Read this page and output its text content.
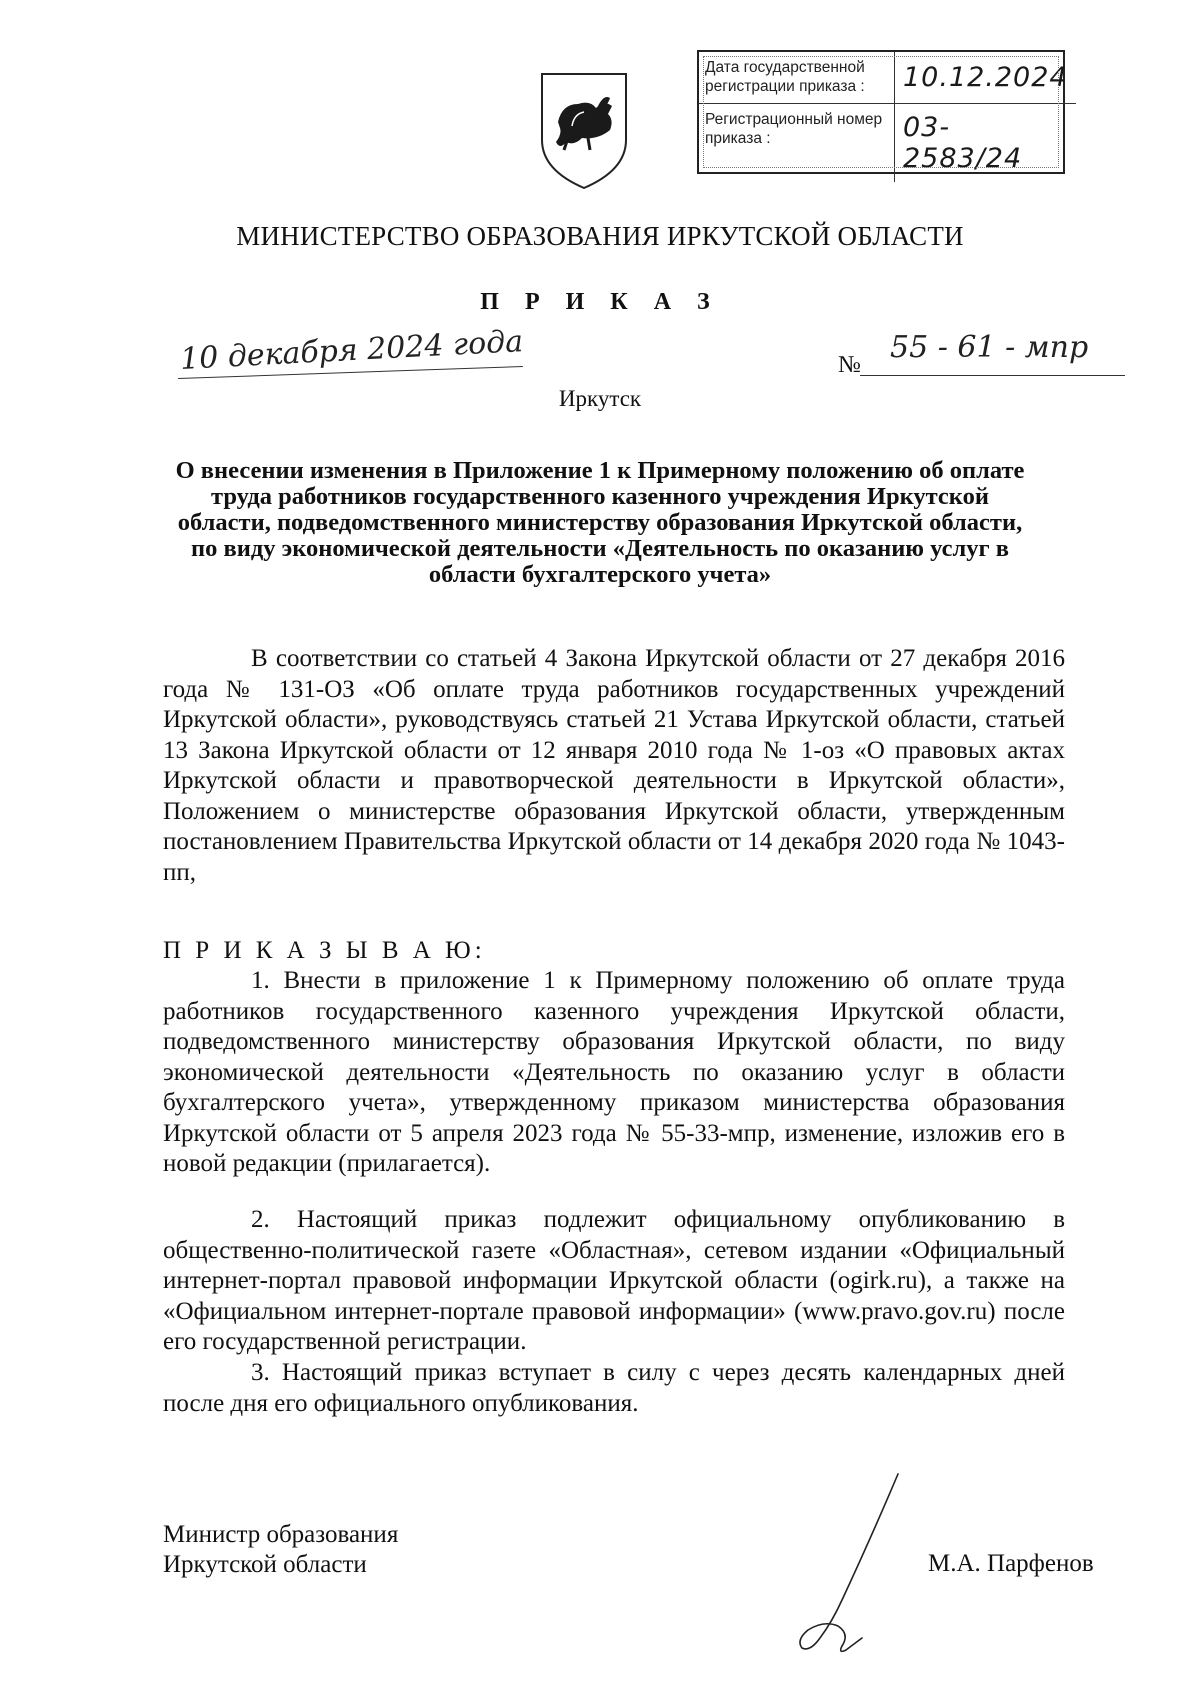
Дата государственной регистрации приказа :	10.12.2024
Регистрационный номер приказа :	03-2583/24
МИНИСТЕРСТВО ОБРАЗОВАНИЯ ИРКУТСКОЙ ОБЛАСТИ
П Р И К А З
10 декабря 2024 года	№ 55 - 61 - мпр
Иркутск
О внесении изменения в Приложение 1 к Примерному положению об оплате
труда работников государственного казенного учреждения Иркутской
области, подведомственного министерству образования Иркутской области,
по виду экономической деятельности «Деятельность по оказанию услуг в
области бухгалтерского учета»
В соответствии со статьей 4 Закона Иркутской области от 27 декабря 2016 года № 131-ОЗ «Об оплате труда работников государственных учреждений Иркутской области», руководствуясь статьей 21 Устава Иркутской области, статьей 13 Закона Иркутской области от 12 января 2010 года № 1-оз «О правовых актах Иркутской области и правотворческой деятельности в Иркутской области», Положением о министерстве образования Иркутской области, утвержденным постановлением Правительства Иркутской области от 14 декабря 2020 года № 1043-пп,
П Р И К А З Ы В А Ю:
1. Внести в приложение 1 к Примерному положению об оплате труда работников государственного казенного учреждения Иркутской области, подведомственного министерству образования Иркутской области, по виду экономической деятельности «Деятельность по оказанию услуг в области бухгалтерского учета», утвержденному приказом министерства образования Иркутской области от 5 апреля 2023 года № 55-33-мпр, изменение, изложив его в новой редакции (прилагается).
2. Настоящий приказ подлежит официальному опубликованию в общественно-политической газете «Областная», сетевом издании «Официальный интернет-портал правовой информации Иркутской области (ogirk.ru), а также на «Официальном интернет-портале правовой информации» (www.pravo.gov.ru) после его государственной регистрации.
3. Настоящий приказ вступает в силу с через десять календарных дней после дня его официального опубликования.
Министр образования
Иркутской области	М.А. Парфенов
